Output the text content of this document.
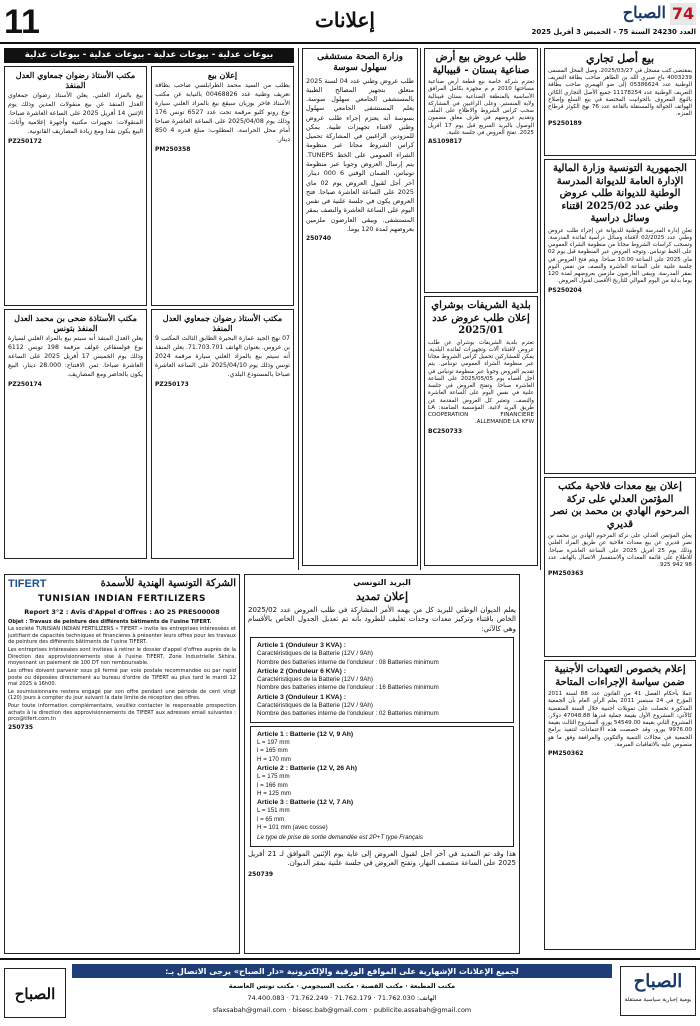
11	إعلانات	74
الصباح
العدد 24230 السنة 75 - الخميس 3 أفريل 2025
بيع أصل تجاري

بمقتضى كتب مسجل في 2025/03/27، وصل المحل المسمى 4003239 باع صبري الله بن الطاهر صاحب بطاقة التعريف الوطنية عدد 05386624 إلى ضو الهيمري صاحب بطاقة التعريف الوطنية عدد 11178254 جميع الأصل التجاري الكائن بالنهج المعروف بالحوانيت المختصة في بيع السلع وإصلاح الهواتف الجوالة والمستقلة بالقاعة عدد 76 نهج الكوثر قرطاج المنزه.

PS250189
الجمهورية التونسية وزارة المالية الإدارة العامة للديوانة المدرسة الوطنية للديوانة طلب عروض وطني عدد 2025/02 اقتناء وسائل دراسية

تعلن إدارة المدرسة الوطنية للديوانة عن إجراء طلب عروض وطني عدد 02/2025 لاقتناء وسائل دراسية لفائدة المدرسة. وتسحب كراسات الشروط مجانا من منظومة الشراء العمومي على الخط تونباس. وتوجه العروض عبر المنظومة قبل يوم 02 ماي 2025 على الساعة 10.00 صباحا. ويتم فتح العروض في جلسة علنية على الساعة العاشرة والنصف من نفس اليوم بمقر المدرسة. ويبقى العارضون ملزمين بعروضهم لمدة 120 يوما بداية من اليوم الموالي للتاريخ الأقصى لقبول العروض.

PS250204
إعلان بيع معدات فلاحية مكتب المؤتمن العدلي على تركة المرحوم الهادي بن محمد بن نصر قديري

يعلن المؤتمن العدلي على تركة المرحوم الهادي بن محمد بن نصر قديري عن بيع معدات فلاحية عن طريق المزاد العلني وذلك يوم 25 أفريل 2025 على الساعة العاشرة صباحا. للاطلاع على قائمة المعدات والاستفسار الاتصال بالهاتف عدد 98 942 925.

PM250363
إعلام بخصوص التعهدات الأجنبية ضمن سياسة الإجراءات المتاحة

عملا بأحكام الفصل 41 من القانون عدد 88 لسنة 2011 المؤرخ في 24 سبتمبر 2011 يعلم الرأي العام بأن الجمعية المذكورة تحصلت على تمويلات أجنبية خلال السنة المنقضية كالآتي: المشروع الأول بقيمة جملية قدرها 47048.88 دولار، المشروع الثاني بقيمة 54549.00 يورو، المشروع الثالث بقيمة 9976.00 يورو، وقد خصصت هذه الاعتمادات لتنفيذ برامج الجمعية في مجالات التنمية والتكوين والمرافقة وفق ما هو منصوص عليه بالاتفاقيات المبرمة.

PM250362
طلب عروض بيع أرض صناعية بستان - قبيبالية

تعتزم شركة خاصة بيع قطعة أرض صناعية مساحتها 2010 م م مجهزة بكامل المرافق الأساسية بالمنطقة الصناعية بستان قبيبالية ولاية المنستير. وعلى الراغبين في المشاركة سحب كراس الشروط والاطلاع على الملف وتقديم عروضهم في ظرف مغلق مضمون الوصول بالبريد السريع قبل يوم 17 أفريل 2025. تفتح العروض في جلسة علنية.

AS109817
بلدية الشريفات بوشراي إعلان طلب عروض عدد 2025/01

تعتزم بلدية الشريفات بوشراي عن طلب عروض لاقتناء آلات وتجهيزات لفائدة البلدية. يمكن للمشاركين تحميل كراس الشروط مجانا عبر منظومة الشراء العمومي تونباس. يتم تقديم العروض وجوبا عبر منظومة تونباس في أجل أقصاه يوم 2025/05/05 على الساعة العاشرة صباحا. وتفتح العروض في جلسة علنية في نفس اليوم على الساعة العاشرة والنصف. وتعتبر كل العروض المقدمة عن طريق البريد لاغية. المؤسسة الضامنة: LA COOPERATION FINANCIERE ALLEMANDE LA KFW.

BC250733
وزارة الصحة مستشفى سهلول سوسة

طلب عروض وطني عدد 04 لسنة 2025 متعلق بتجهيز المصالح الطبية بالمستشفى الجامعي سهلول سوسة. يعلم المستشفى الجامعي سهلول بسوسة أنه يعتزم إجراء طلب عروض وطني لاقتناء تجهيزات طبية. يمكن للمزودين الراغبين في المشاركة تحميل كراس الشروط مجانا عبر منظومة الشراء العمومي على الخط TUNEPS. يتم إرسال العروض وجوبا عبر منظومة تونباس، الضمان الوقتي 6 000 دينار. آخر أجل لقبول العروض يوم 02 ماي 2025 على الساعة العاشرة صباحا. فتح العروض يكون في جلسة علنية في نفس اليوم على الساعة العاشرة والنصف بمقر المستشفى. ويبقى العارضون ملزمين بعروضهم لمدة 120 يوما.

250740
بيوعات عدلية - بيوعات عدلية - بيوعات عدلية - بيوعات عدلية
إعلان بيع

بطلب من السيد محمد الطرابلسي صاحب بطاقة تعريف وطنية عدد 00468826 بالنيابة عن مكتب الأستاذ فاخر بوزيان سيقع بيع بالمزاد العلني سيارة نوع رونو كليو مرقمة تحت عدد 6527 تونس 176 وذلك يوم 2025/04/08 على الساعة العاشرة صباحا أمام محل الحراسة. المطلوب: مبلغ قدره 4 850 دينار.

PM250358
مكتب الأستاذ رضوان جمعاوي العدل المنفذ

07 نهج الجيد عمارة البحيرة الطابق الثالث المكتب 9 بن عروس. بعنوان الهاتف 71.703.701. يعلن المنفذ أنه سيتم بيع بالمزاد العلني سيارة مرقمة 2024 تونس وذلك يوم 2025/04/10 على الساعة العاشرة صباحا بالمستودع البلدي.

PZ250173
مكتب الأستاذ رضوان جمعاوي العدل المنفذ

بيع بالمزاد العلني. يعلن الأستاذ رضوان جمعاوي العدل المنفذ عن بيع منقولات المدين وذلك يوم الإثنين 14 أفريل 2025 على الساعة العاشرة صباحا. المنقولات: تجهيزات مكتبية وأجهزة إعلامية وأثاث. البيع يكون نقدا ومع زيادة المصاريف القانونية.

PZ250172
مكتب الأستاذة ضحى بن محمد العدل المنفذ بتونس

يعلن العدل المنفذ أنه سيتم بيع بالمزاد العلني لسيارة نوع فولسفاغن غولف مرقمة 198 تونس 6112 وذلك يوم الخميس 17 أفريل 2025 على الساعة العاشرة صباحا. ثمن الافتتاح: 28.000 دينار، البيع يكون بالحاضر ومع المصاريف.

PZ250174
TIFERT	الشركة التونسية الهندية للأسمدة
TUNISIAN INDIAN FERTILIZERS
Report 3°2 : Avis d'Appel d'Offres : AO 25 PRES00008

Objet : Travaux de peinture des différents bâtiments de l'usine TIFERT.

La société TUNISIAN INDIAN FERTILIZERS « TIFERT » invite les entreprises intéressées et justifiant de capacités techniques et financières à présenter leurs offres pour les travaux de peinture des différents bâtiments de l'usine TIFERT.

Les entreprises intéressées sont invitées à retirer le dossier d'appel d'offres auprès de la Direction des approvisionnements sise à l'usine TIFERT, Zone Industrielle Skhira, moyennant un paiement de 100 DT non remboursable.

Les offres doivent parvenir sous pli fermé par voie postale recommandée ou par rapid poste ou déposées directement au bureau d'ordre de TIFERT au plus tard le mardi 12 mai 2025 à 16h00.

Le soumissionnaire restera engagé par son offre pendant une période de cent vingt (120) jours à compter du jour suivant la date limite de réception des offres.

Pour toute information complémentaire, veuillez contacter le responsable prospection achats à la direction des approvisionnements de TIFERT aux adresses email suivantes : prco@tifert.com.tn

250735
البريد التونسي
إعلان تمديد

يعلم الديوان الوطني للبريد كل من يهمه الأمر المشاركة في طلب العروض عدد 2025/02 الخاص باقتناء وتركيز معدات وحدات تغليف للطرود بأنه تم تعديل الجدول الخاص بالأقسام وهي كالآتي:

Article 1 (Onduleur 3 KVA) :
Caractéristiques de la Batterie (12V / 9Ah)
Nombre des batteries interne de l'onduleur : 08 Batteries minimum
Article 2 (Onduleur 6 KVA) :
Caractéristiques de la Batterie (12V / 9Ah)
Nombre des batteries interne de l'onduleur : 16 Batteries minimum
Article 3 (Onduleur 1 KVA) :
Caractéristiques de la Batterie (12V / 9Ah)
Nombre des batteries interne de l'onduleur : 02 Batteries minimum
Article 1 : Batterie (12 V, 9 Ah)
L = 197 mm
l = 165 mm
H = 170 mm
Article 2 : Batterie (12 V, 26 Ah)
L = 175 mm
l = 166 mm
H = 125 mm
Article 3 : Batterie (12 V, 7 Ah)
L = 151 mm
l = 65 mm
H = 101 mm (avec cosse)
Le type de prise de sortie demandée est 2P+T type Français

هذا وقد تم التمديد في آخر أجل لقبول العروض إلى غاية يوم الإثنين الموافق لـ 21 أفريل 2025 على الساعة منتصف النهار، وتفتح العروض في جلسة علنية بمقر الديوان.

250739
الصباح
لجميع الإعلانات الإشهارية على المواقع الورقية والإلكترونية «دار الصباح» يرجى الاتصال بـ:
مكتب المطبعة · مكتب القصبة · مكتب السيجومي · مكتب تونس العاصمة
الهاتف: 71.762.030 · 71.762.179 · 71.762.249 · 74.400.083
sfaxsabah@gmail.com · bisesc.bab@gmail.com · publicite.assabah@gmail.com
الصباح
يومية إخبارية سياسية مستقلة
